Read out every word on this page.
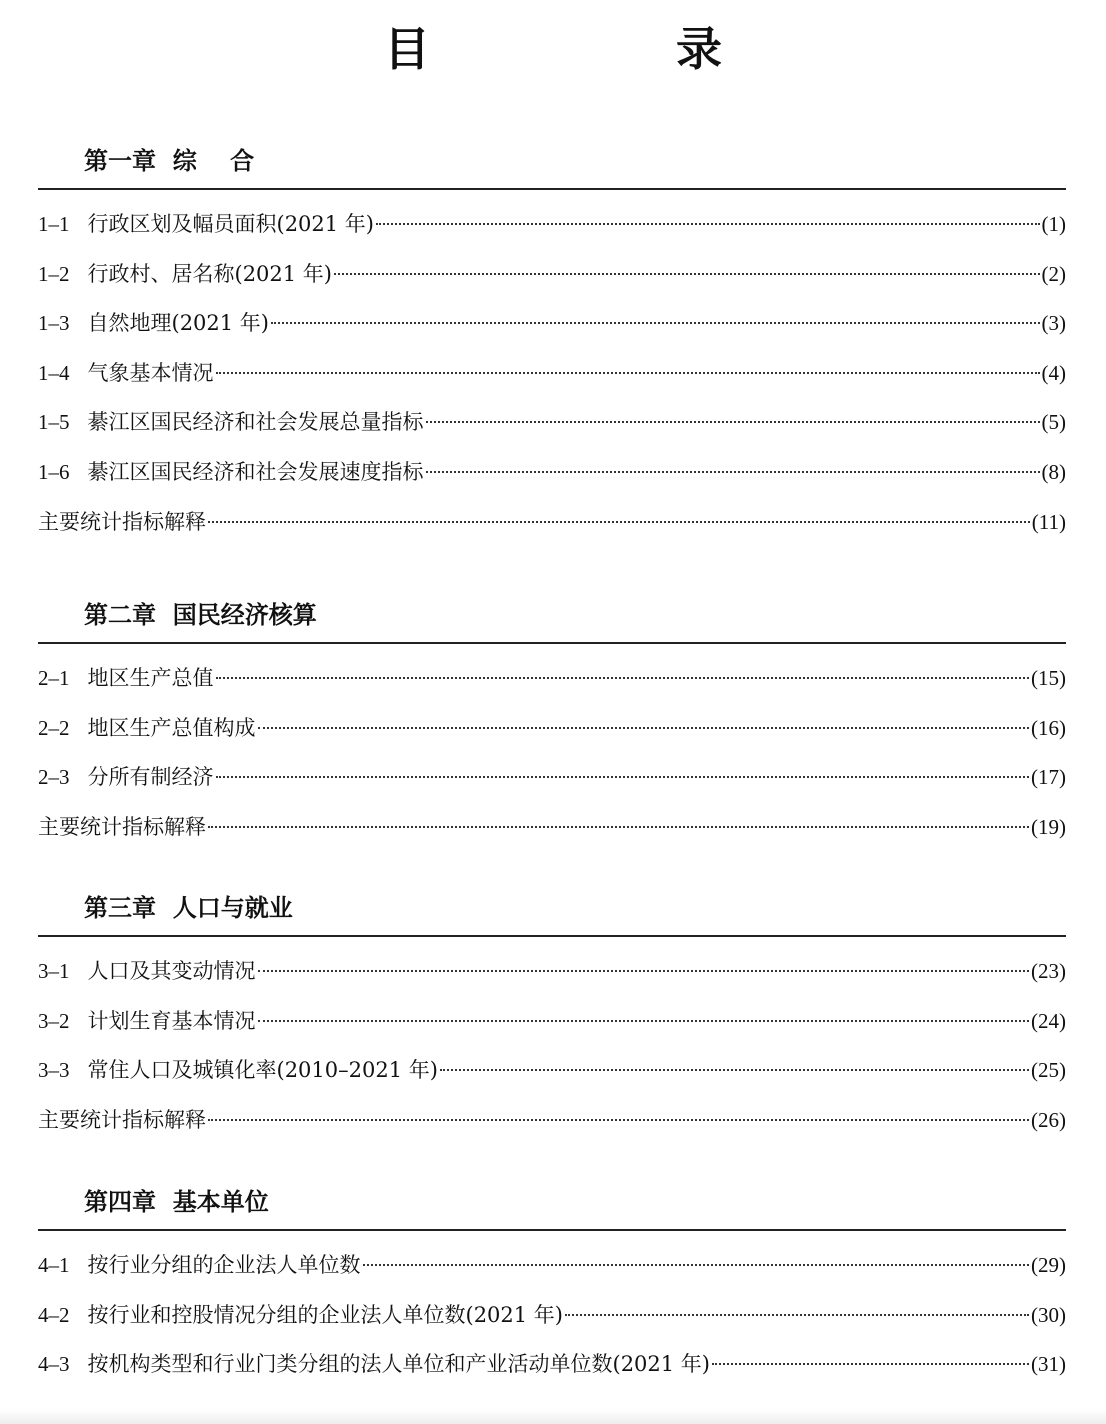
目　录
第一章  综    合
1–1 行政区划及幅员面积(2021 年)	(1)
1–2 行政村、居名称(2021 年)	(2)
1–3 自然地理(2021 年)	(3)
1–4 气象基本情况	(4)
1–5 綦江区国民经济和社会发展总量指标	(5)
1–6 綦江区国民经济和社会发展速度指标	(8)
主要统计指标解释	(11)
第二章  国民经济核算
2–1 地区生产总值	(15)
2–2 地区生产总值构成	(16)
2–3 分所有制经济	(17)
主要统计指标解释	(19)
第三章  人口与就业
3–1 人口及其变动情况	(23)
3–2 计划生育基本情况	(24)
3–3 常住人口及城镇化率(2010–2021 年)	(25)
主要统计指标解释	(26)
第四章  基本单位
4–1 按行业分组的企业法人单位数	(29)
4–2 按行业和控股情况分组的企业法人单位数(2021 年)	(30)
4–3 按机构类型和行业门类分组的法人单位和产业活动单位数(2021 年)	(31)
